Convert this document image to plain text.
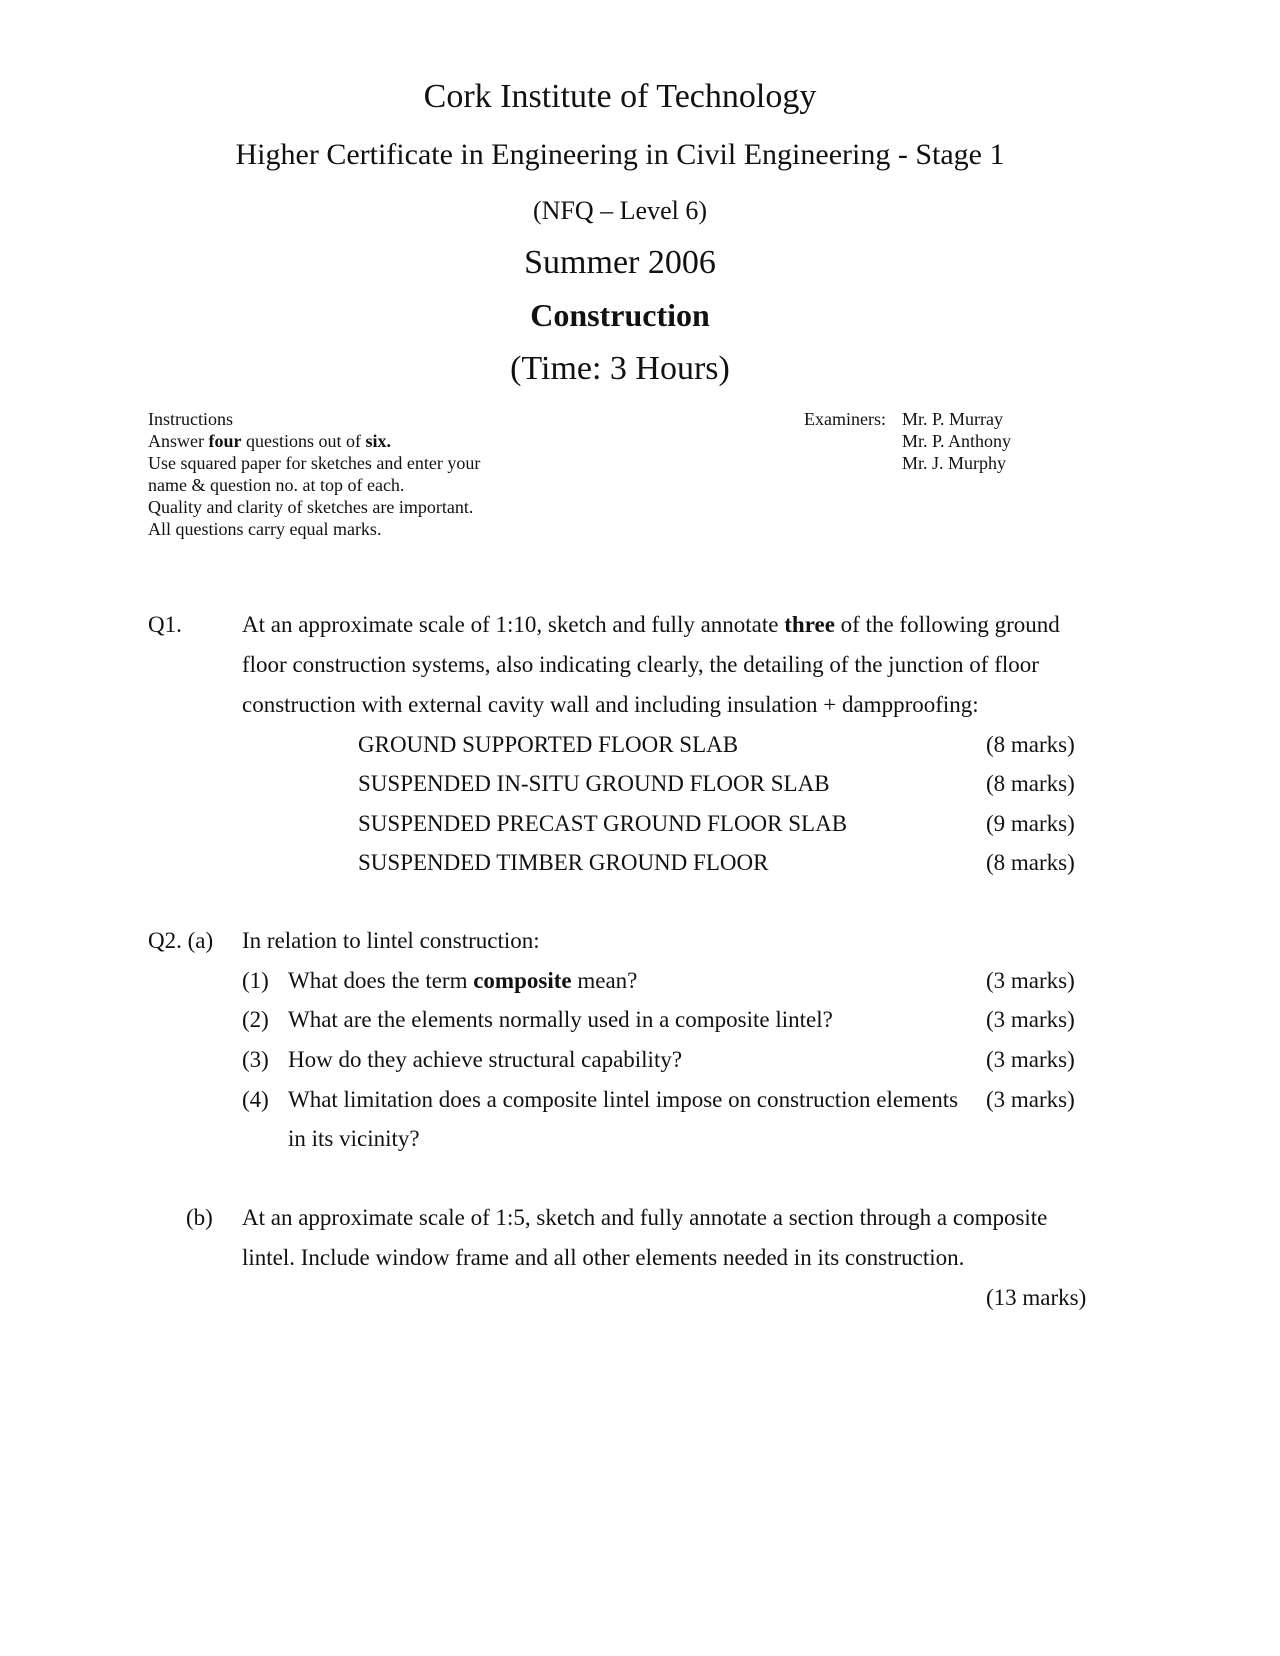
Cork Institute of Technology
Higher Certificate in Engineering in Civil Engineering - Stage 1
(NFQ – Level 6)
Summer 2006
Construction
(Time: 3 Hours)
Instructions
Answer four questions out of six.
Use squared paper for sketches and enter your
name & question no. at top of each.
Quality and clarity of sketches are important.
All questions carry equal marks.
Examiners: Mr. P. Murray
Mr. P. Anthony
Mr. J. Murphy
Q1.	At an approximate scale of 1:10, sketch and fully annotate three of the following ground
floor construction systems, also indicating clearly, the detailing of the junction of floor
construction with external cavity wall and including insulation + dampproofing:
GROUND SUPPORTED FLOOR SLAB	(8 marks)
SUSPENDED IN-SITU GROUND FLOOR SLAB	(8 marks)
SUSPENDED PRECAST GROUND FLOOR SLAB	(9 marks)
SUSPENDED TIMBER GROUND FLOOR	(8 marks)
Q2. (a) In relation to lintel construction:
(1) What does the term composite mean?	(3 marks)
(2) What are the elements normally used in a composite lintel?	(3 marks)
(3) How do they achieve structural capability?	(3 marks)
(4) What limitation does a composite lintel impose on construction elements (3 marks)
in its vicinity?
(b) At an approximate scale of 1:5, sketch and fully annotate a section through a composite
lintel. Include window frame and all other elements needed in its construction.
(13 marks)
